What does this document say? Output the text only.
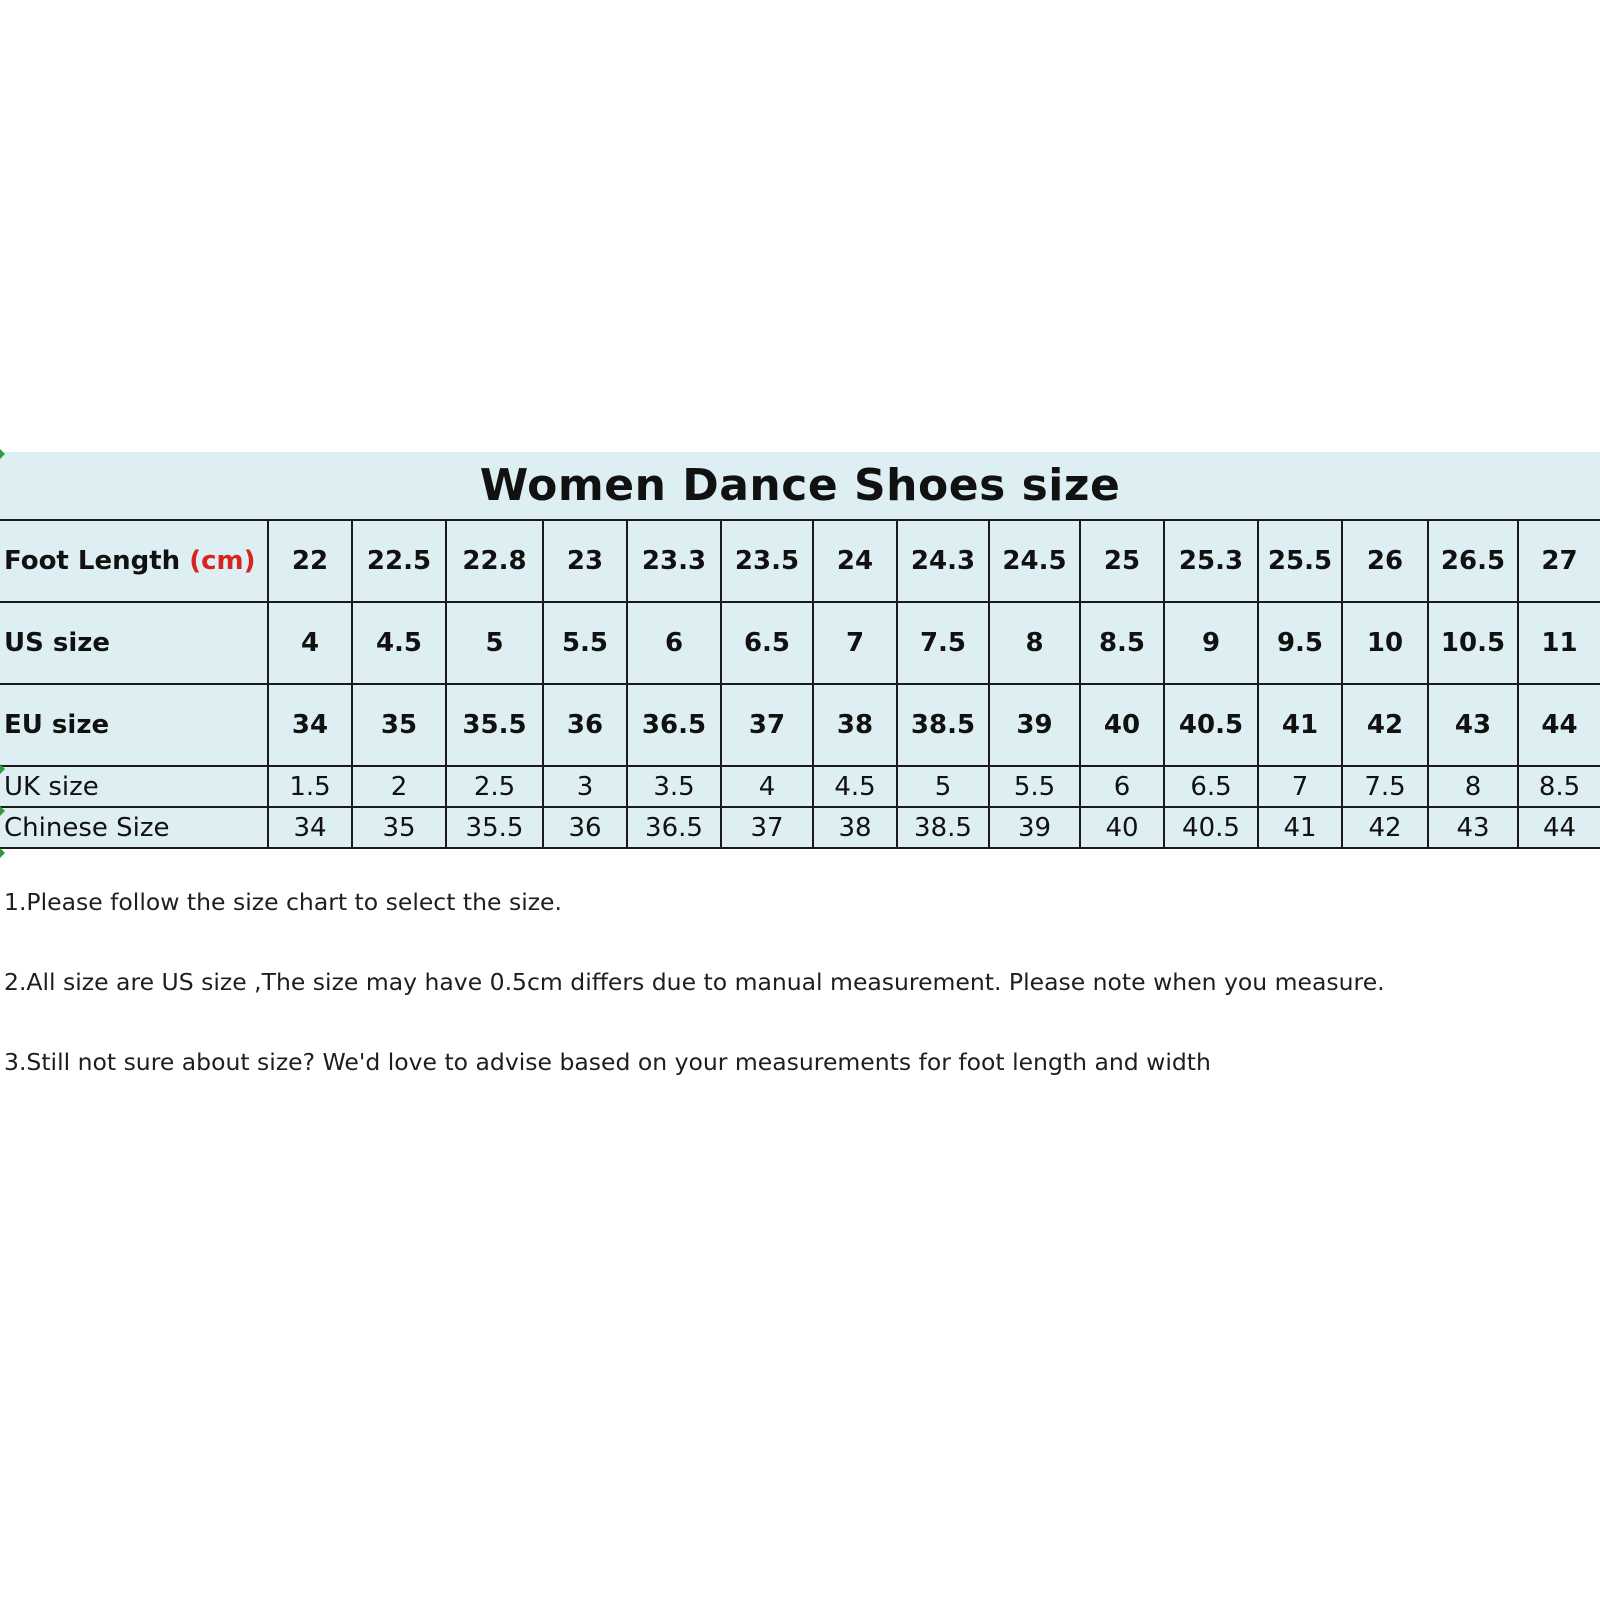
Women Dance Shoes size
Foot Length (cm)	22	22.5	22.8	23	23.3	23.5	24	24.3	24.5	25	25.3	25.5	26	26.5	27
US size	4	4.5	5	5.5	6	6.5	7	7.5	8	8.5	9	9.5	10	10.5	11
EU size	34	35	35.5	36	36.5	37	38	38.5	39	40	40.5	41	42	43	44
UK size	1.5	2	2.5	3	3.5	4	4.5	5	5.5	6	6.5	7	7.5	8	8.5
Chinese Size	34	35	35.5	36	36.5	37	38	38.5	39	40	40.5	41	42	43	44

1.Please follow the size chart to select the size.

2.All size are US size ,The size may have 0.5cm differs due to manual measurement. Please note when you measure.

3.Still not sure about size? We'd love to advise based on your measurements for foot length and width
